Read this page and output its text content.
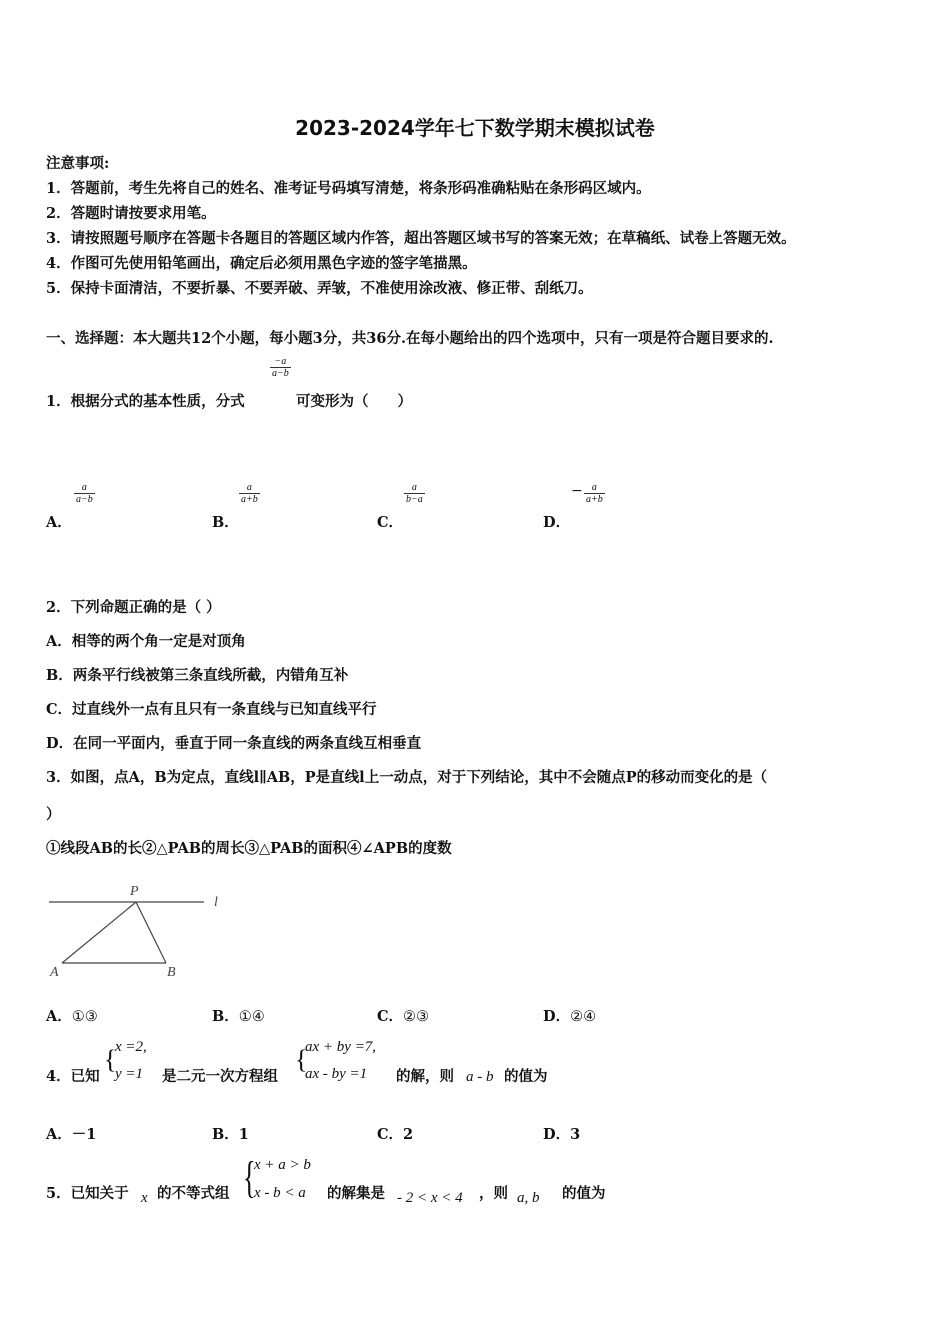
2023-2024学年七下数学期末模拟试卷
注意事项:
1．答题前，考生先将自己的姓名、准考证号码填写清楚，将条形码准确粘贴在条形码区域内。
2．答题时请按要求用笔。
3．请按照题号顺序在答题卡各题目的答题区域内作答，超出答题区域书写的答案无效；在草稿纸、试卷上答题无效。
4．作图可先使用铅笔画出，确定后必须用黑色字迹的签字笔描黑。
5．保持卡面清洁，不要折暴、不要弄破、弄皱，不准使用涂改液、修正带、刮纸刀。
一、选择题：本大题共12个小题，每小题3分，共36分.在每小题给出的四个选项中，只有一项是符合题目要求的.
1．根据分式的基本性质，分式
−a
a−b
可变形为（　　）
A．
a
a−b
B．
a
a+b
C．
a
b−a
D．
− a
a+b
2．下列命题正确的是（ ）
A．相等的两个角一定是对顶角
B．两条平行线被第三条直线所截，内错角互补
C．过直线外一点有且只有一条直线与已知直线平行
D．在同一平面内，垂直于同一条直线的两条直线互相垂直
3．如图，点A，B为定点，直线l∥AB，P是直线l上一动点，对于下列结论，其中不会随点P的移动而变化的是（
）
①线段AB的长②△PAB的周长③△PAB的面积④∠APB的度数
P
l
A	B
A．①③	B．①④	C．②③	D．②④
4．已知
{
x =2,
y =1 是二元一次方程组
{
ax + by =7,
ax - by =1 的解，则 a - b 的值为
A．－1	B．1	C．2	D．3
5．已知关于 x 的不等式组 {
x + a > b
x - b < a 的解集是 - 2 < x < 4 ，则 a, b 的值为
